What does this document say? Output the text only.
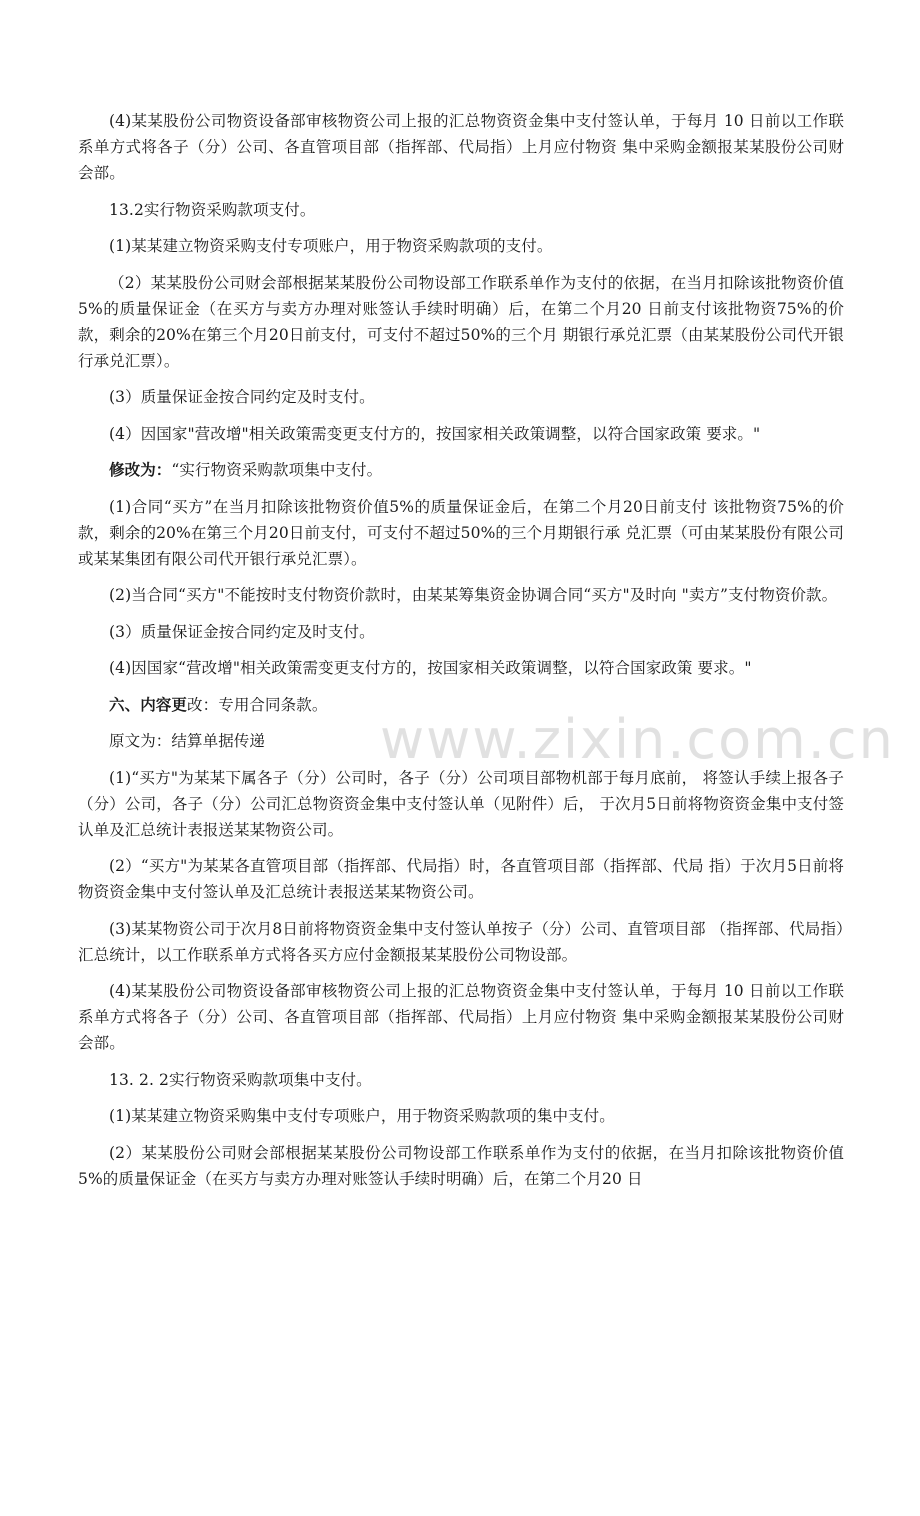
(4)某某股份公司物资设备部审核物资公司上报的汇总物资资金集中支付签认单，于每月 10 日前以工作联系单方式将各子（分）公司、各直管项目部（指挥部、代局指）上月应付物资 集中采购金额报某某股份公司财会部。

13.2实行物资采购款项支付。

(1)某某建立物资采购支付专项账户，用于物资采购款项的支付。

（2）某某股份公司财会部根据某某股份公司物设部工作联系单作为支付的依据，在当月扣除该批物资价值5%的质量保证金（在买方与卖方办理对账签认手续时明确）后，在第二个月20 日前支付该批物资75%的价款，剩余的20%在第三个月20日前支付，可支付不超过50%的三个月 期银行承兑汇票（由某某股份公司代开银行承兑汇票）。

(3）质量保证金按合同约定及时支付。

(4）因国家"营改增"相关政策需变更支付方的，按国家相关政策调整，以符合国家政策 要求。"

修改为：“实行物资采购款项集中支付。

(1)合同“买方”在当月扣除该批物资价值5%的质量保证金后，在第二个月20日前支付 该批物资75%的价款，剩余的20%在第三个月20日前支付，可支付不超过50%的三个月期银行承 兑汇票（可由某某股份有限公司或某某集团有限公司代开银行承兑汇票）。

(2)当合同“买方"不能按时支付物资价款时，由某某筹集资金协调合同“买方"及时向 "卖方”支付物资价款。

(3）质量保证金按合同约定及时支付。

(4)因国家“营改增"相关政策需变更支付方的，按国家相关政策调整，以符合国家政策 要求。"

六、内容更改：专用合同条款。

原文为：结算单据传递

(1)“买方"为某某下属各子（分）公司时，各子（分）公司项目部物机部于每月底前， 将签认手续上报各子（分）公司，各子（分）公司汇总物资资金集中支付签认单（见附件）后， 于次月5日前将物资资金集中支付签认单及汇总统计表报送某某物资公司。

(2）“买方"为某某各直管项目部（指挥部、代局指）时，各直管项目部（指挥部、代局 指）于次月5日前将物资资金集中支付签认单及汇总统计表报送某某物资公司。

(3)某某物资公司于次月8日前将物资资金集中支付签认单按子（分）公司、直管项目部 （指挥部、代局指）汇总统计，以工作联系单方式将各买方应付金额报某某股份公司物设部。

(4)某某股份公司物资设备部审核物资公司上报的汇总物资资金集中支付签认单，于每月 10 日前以工作联系单方式将各子（分）公司、各直管项目部（指挥部、代局指）上月应付物资 集中采购金额报某某股份公司财会部。

13. 2. 2实行物资采购款项集中支付。

(1)某某建立物资采购集中支付专项账户，用于物资采购款项的集中支付。

(2）某某股份公司财会部根据某某股份公司物设部工作联系单作为支付的依据，在当月扣除该批物资价值5%的质量保证金（在买方与卖方办理对账签认手续时明确）后，在第二个月20 日

www.zixin.com.cn
